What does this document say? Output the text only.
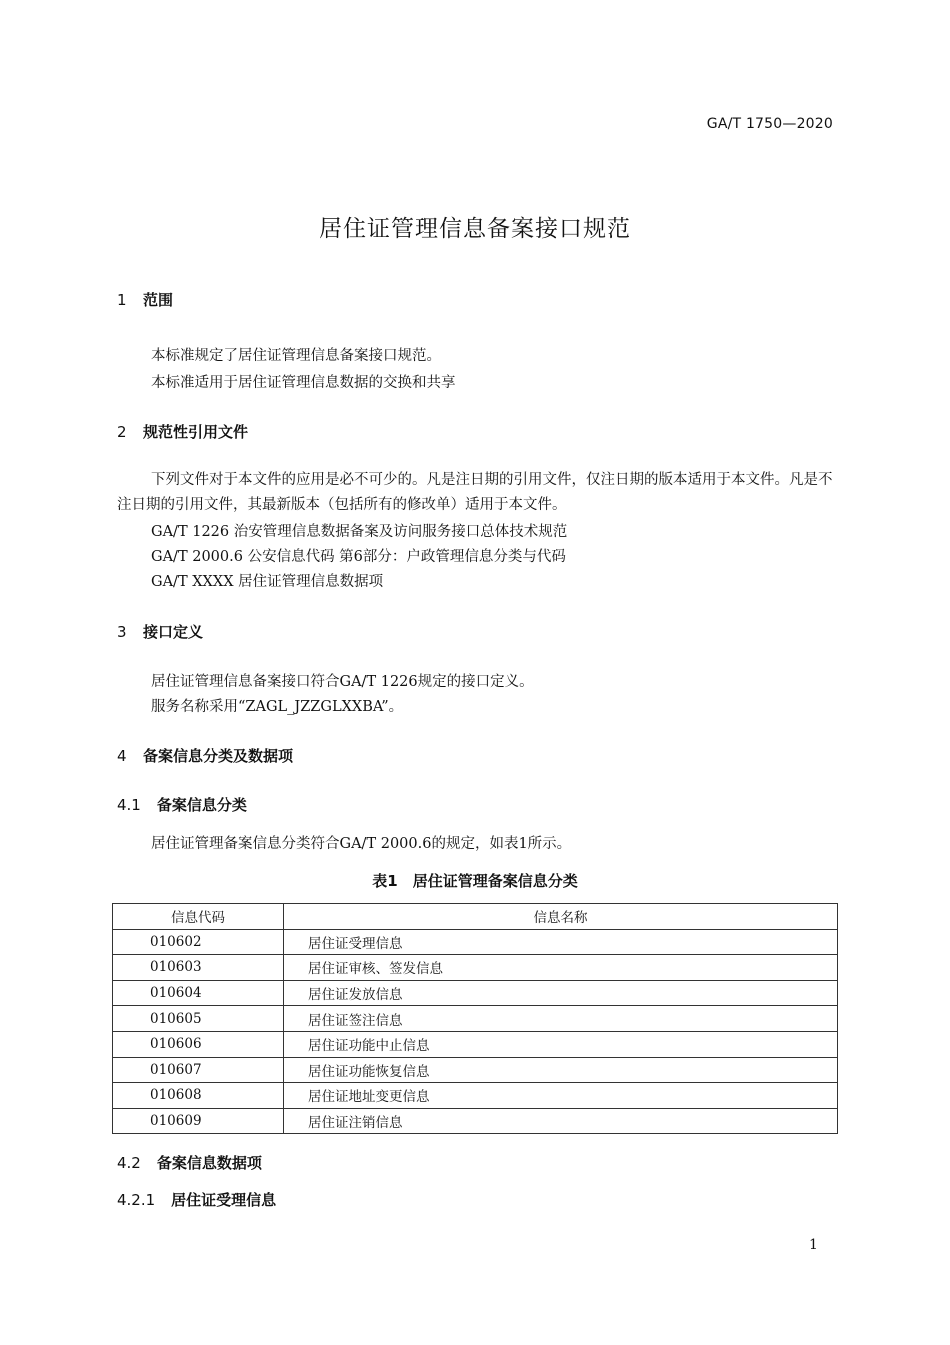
GA/T 1750—2020
居住证管理信息备案接口规范
1 范围
本标准规定了居住证管理信息备案接口规范。
本标准适用于居住证管理信息数据的交换和共享
2 规范性引用文件
下列文件对于本文件的应用是必不可少的。凡是注日期的引用文件，仅注日期的版本适用于本文件。凡是不注日期的引用文件，其最新版本（包括所有的修改单）适用于本文件。
GA/T 1226 治安管理信息数据备案及访问服务接口总体技术规范
GA/T 2000.6 公安信息代码 第6部分：户政管理信息分类与代码
GA/T XXXX 居住证管理信息数据项
3 接口定义
居住证管理信息备案接口符合GA/T 1226规定的接口定义。
服务名称采用“ZAGL_JZZGLXXBA”。
4 备案信息分类及数据项
4.1 备案信息分类
居住证管理备案信息分类符合GA/T 2000.6的规定，如表1所示。
表1　居住证管理备案信息分类
信息代码	信息名称
010602	居住证受理信息
010603	居住证审核、签发信息
010604	居住证发放信息
010605	居住证签注信息
010606	居住证功能中止信息
010607	居住证功能恢复信息
010608	居住证地址变更信息
010609	居住证注销信息
4.2 备案信息数据项
4.2.1 居住证受理信息
1
